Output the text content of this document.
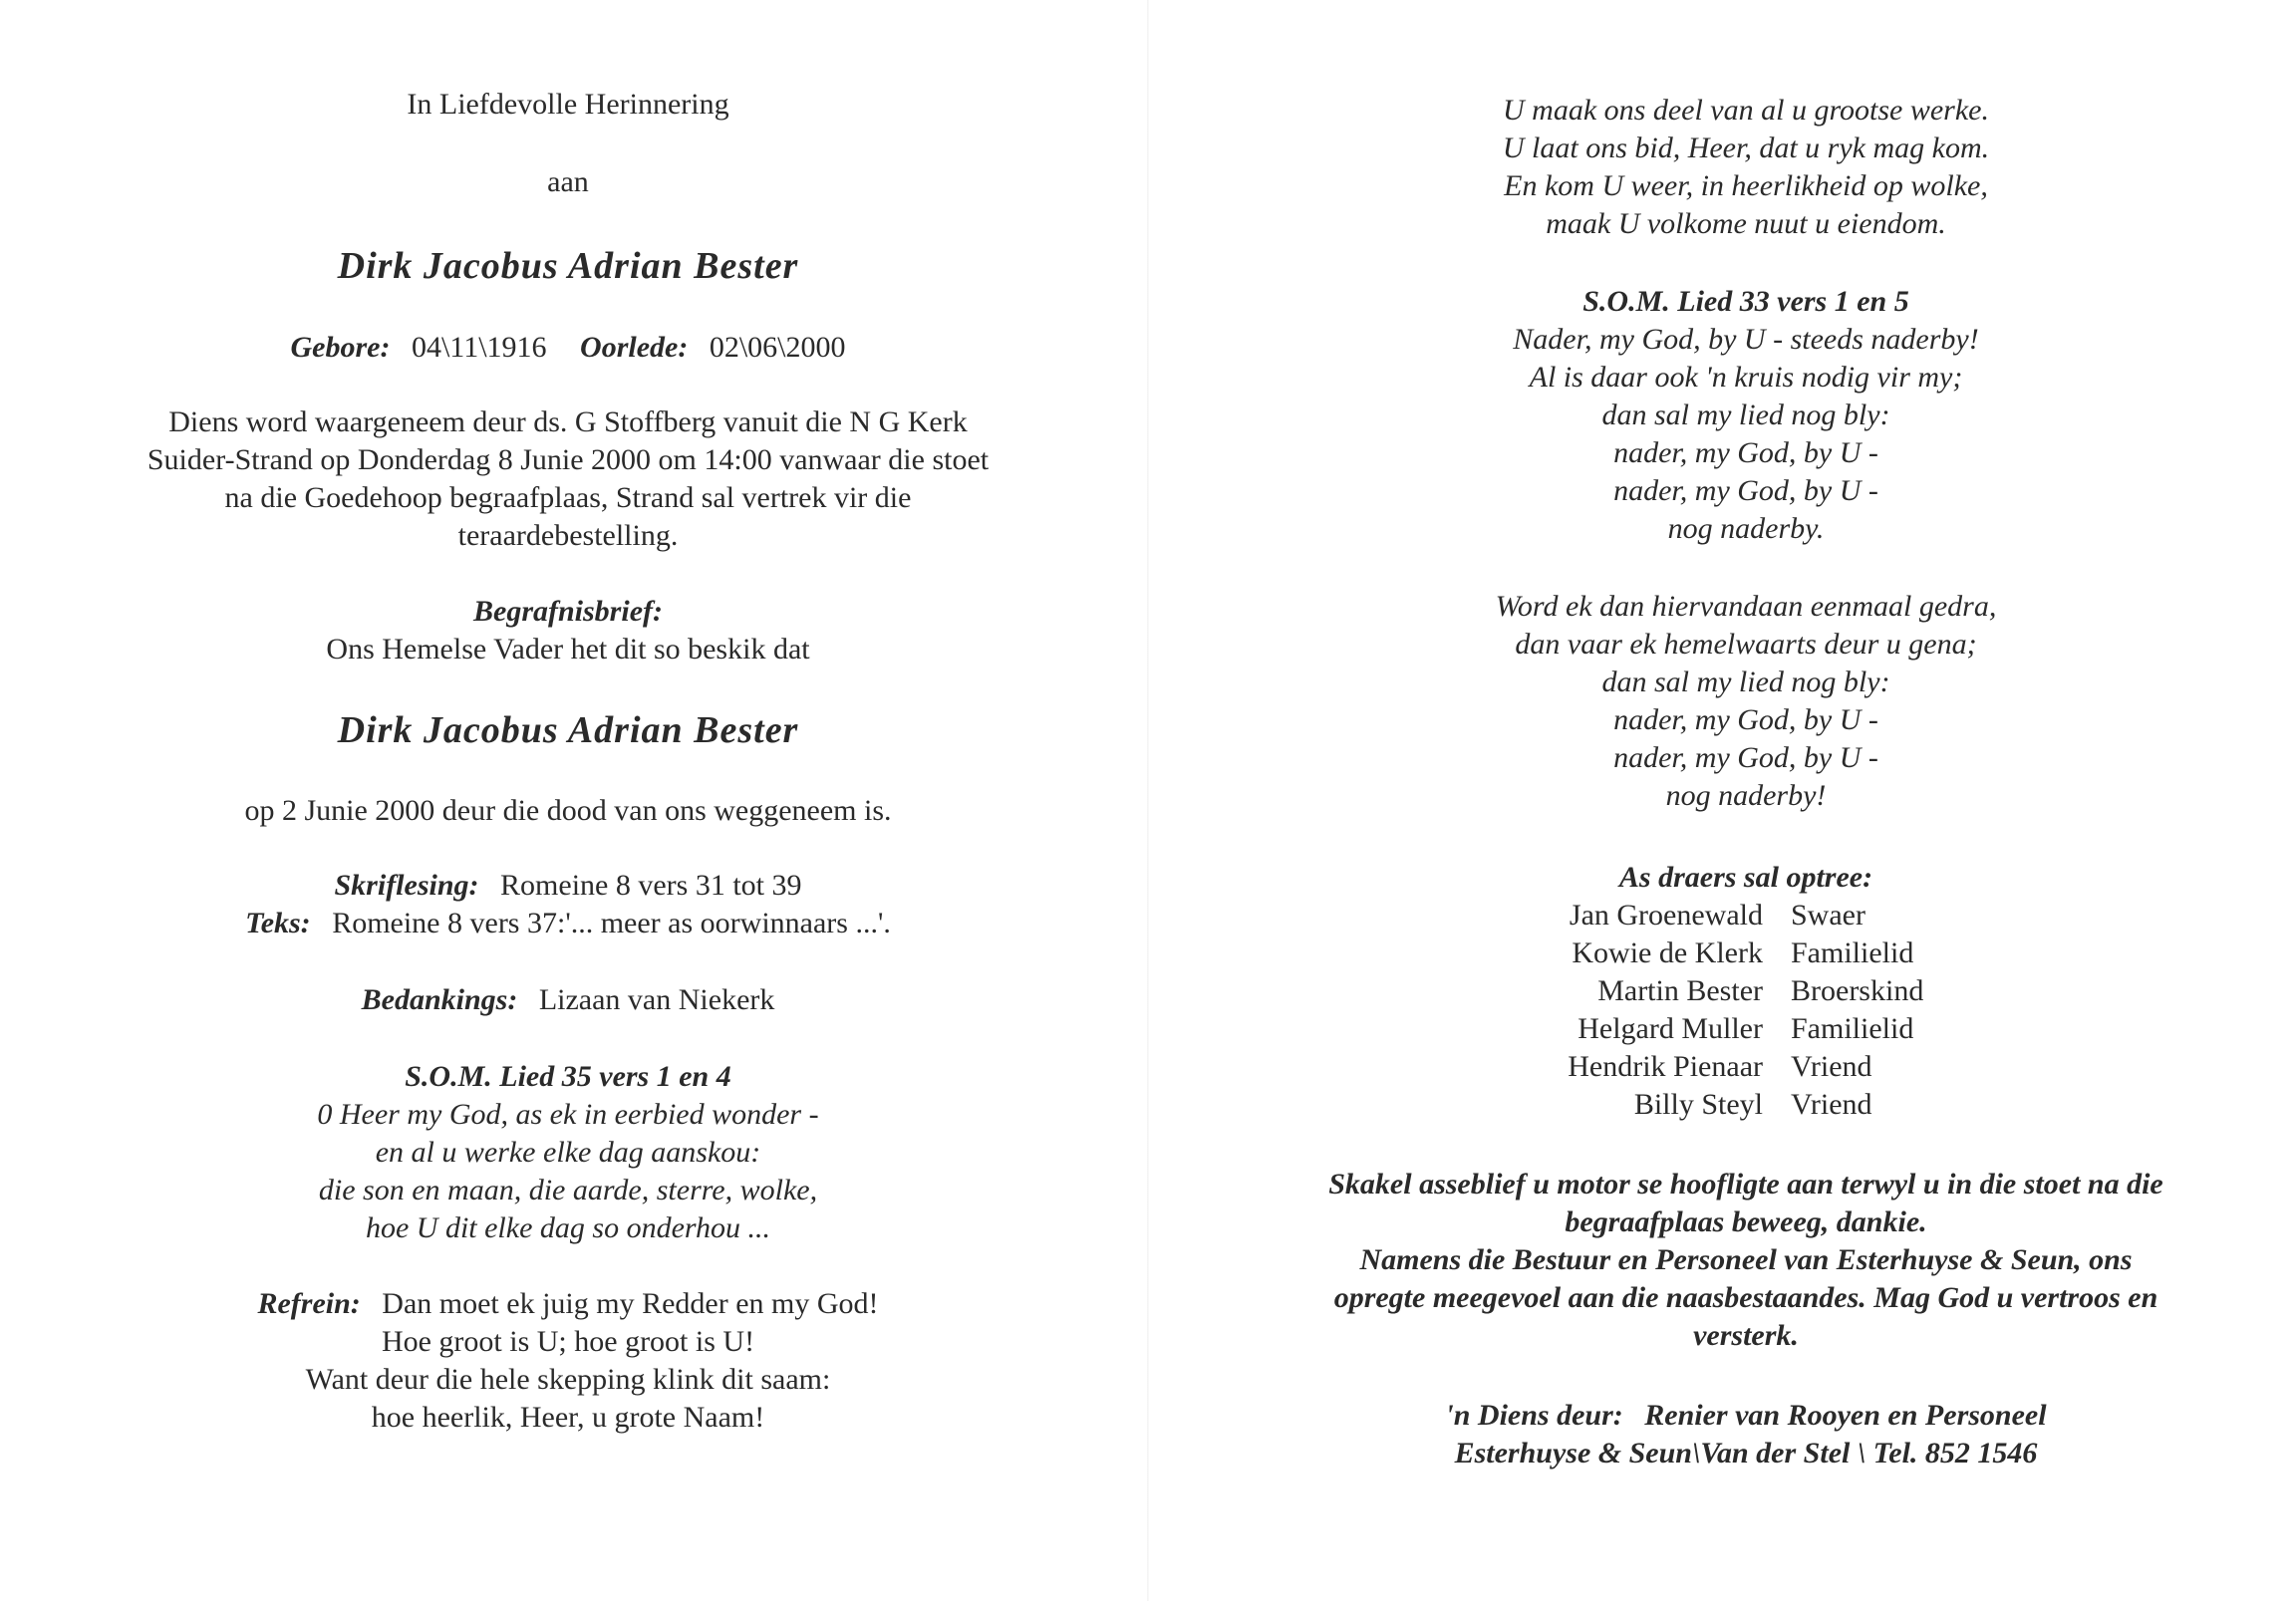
In Liefdevolle Herinnering
aan
Dirk Jacobus Adrian Bester
Gebore: 04\11\1916 Oorlede: 02\06\2000
Diens word waargeneem deur ds. G Stoffberg vanuit die N G Kerk
Suider-Strand op Donderdag 8 Junie 2000 om 14:00 vanwaar die stoet
na die Goedehoop begraafplaas, Strand sal vertrek vir die
teraardebestelling.
Begrafnisbrief:
Ons Hemelse Vader het dit so beskik dat
Dirk Jacobus Adrian Bester
op 2 Junie 2000 deur die dood van ons weggeneem is.
Skriflesing: Romeine 8 vers 31 tot 39
Teks: Romeine 8 vers 37:'... meer as oorwinnaars ...'.
Bedankings: Lizaan van Niekerk
S.O.M. Lied 35 vers 1 en 4
0 Heer my God, as ek in eerbied wonder -
en al u werke elke dag aanskou:
die son en maan, die aarde, sterre, wolke,
hoe U dit elke dag so onderhou ...
Refrein: Dan moet ek juig my Redder en my God!
Hoe groot is U; hoe groot is U!
Want deur die hele skepping klink dit saam:
hoe heerlik, Heer, u grote Naam!
U maak ons deel van al u grootse werke.
U laat ons bid, Heer, dat u ryk mag kom.
En kom U weer, in heerlikheid op wolke,
maak U volkome nuut u eiendom.
S.O.M. Lied 33 vers 1 en 5
Nader, my God, by U - steeds naderby!
Al is daar ook 'n kruis nodig vir my;
dan sal my lied nog bly:
nader, my God, by U -
nader, my God, by U -
nog naderby.
Word ek dan hiervandaan eenmaal gedra,
dan vaar ek hemelwaarts deur u gena;
dan sal my lied nog bly:
nader, my God, by U -
nader, my God, by U -
nog naderby!
As draers sal optree:
Jan Groenewald Swaer
Kowie de Klerk Familielid
Martin Bester Broerskind
Helgard Muller Familielid
Hendrik Pienaar Vriend
Billy Steyl Vriend
Skakel asseblief u motor se hoofligte aan terwyl u in die stoet na die
begraafplaas beweeg, dankie.
Namens die Bestuur en Personeel van Esterhuyse & Seun, ons
opregte meegevoel aan die naasbestaandes. Mag God u vertroos en
versterk.
'n Diens deur: Renier van Rooyen en Personeel
Esterhuyse & Seun\Van der Stel \ Tel. 852 1546
